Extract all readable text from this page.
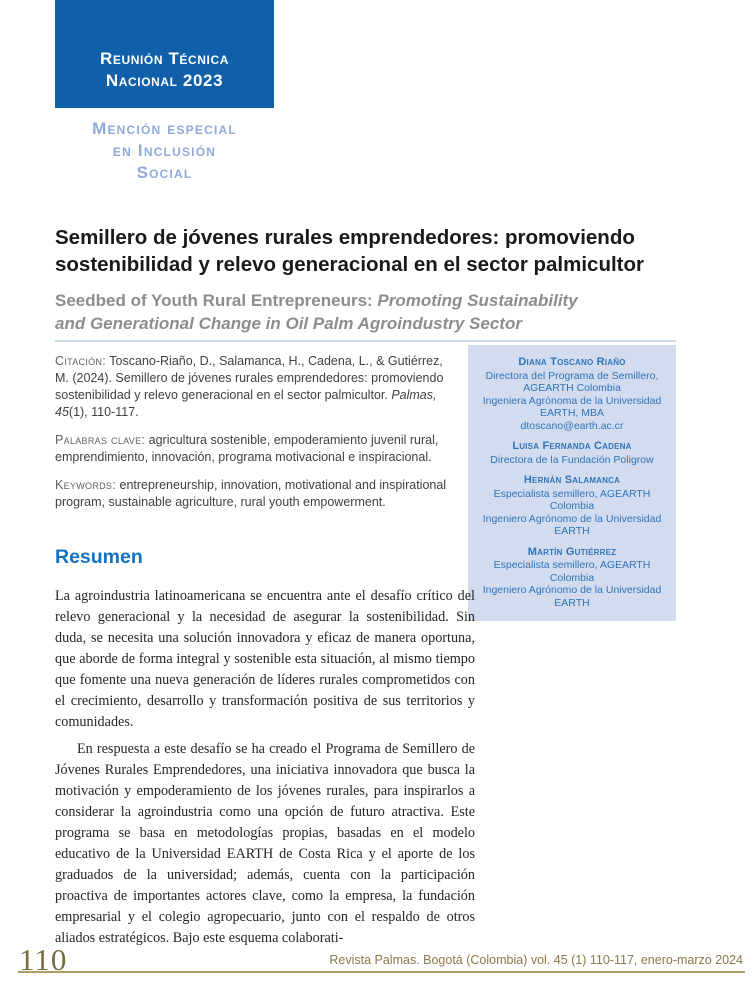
Reunión Técnica
Nacional 2023
Mención especial
en Inclusión
Social
Semillero de jóvenes rurales emprendedores: promoviendo sostenibilidad y relevo generacional en el sector palmicultor
Seedbed of Youth Rural Entrepreneurs: Promoting Sustainability and Generational Change in Oil Palm Agroindustry Sector

Citación: Toscano-Riaño, D., Salamanca, H., Cadena, L., & Gutiérrez, M. (2024). Semillero de jóvenes rurales emprendedores: promoviendo sostenibilidad y relevo generacional en el sector palmicultor. Palmas, 45(1), 110-117.

Palabras clave: agricultura sostenible, empoderamiento juvenil rural, emprendimiento, innovación, programa motivacional e inspiracional.

Keywords: entrepreneurship, innovation, motivational and inspirational program, sustainable agriculture, rural youth empowerment.

Diana Toscano Riaño
Directora del Programa de Semillero, AGEARTH Colombia
Ingeniera Agrónoma de la Universidad EARTH, MBA
dtoscano@earth.ac.cr
Luisa Fernanda Cadena
Directora de la Fundación Poligrow
Hernán Salamanca
Especialista semillero, AGEARTH Colombia
Ingeniero Agrónomo de la Universidad EARTH
Martín Gutiérrez
Especialista semillero, AGEARTH Colombia
Ingeniero Agrónomo de la Universidad EARTH
Resumen

La agroindustria latinoamericana se encuentra ante el desafío crítico del relevo generacional y la necesidad de asegurar la sostenibilidad. Sin duda, se necesita una solución innovadora y eficaz de manera oportuna, que aborde de forma integral y sostenible esta situación, al mismo tiempo que fomente una nueva generación de líderes rurales comprometidos con el crecimiento, desarrollo y transformación positiva de sus territorios y comunidades.

En respuesta a este desafío se ha creado el Programa de Semillero de Jóvenes Rurales Emprendedores, una iniciativa innovadora que busca la motivación y empoderamiento de los jóvenes rurales, para inspirarlos a considerar la agroindustria como una opción de futuro atractiva. Este programa se basa en metodologías propias, basadas en el modelo educativo de la Universidad EARTH de Costa Rica y el aporte de los graduados de la universidad; además, cuenta con la participación proactiva de importantes actores clave, como la empresa, la fundación empresarial y el colegio agropecuario, junto con el respaldo de otros aliados estratégicos. Bajo este esquema colaborati-

110	Revista Palmas. Bogotá (Colombia) vol. 45 (1) 110-117, enero-marzo 2024
